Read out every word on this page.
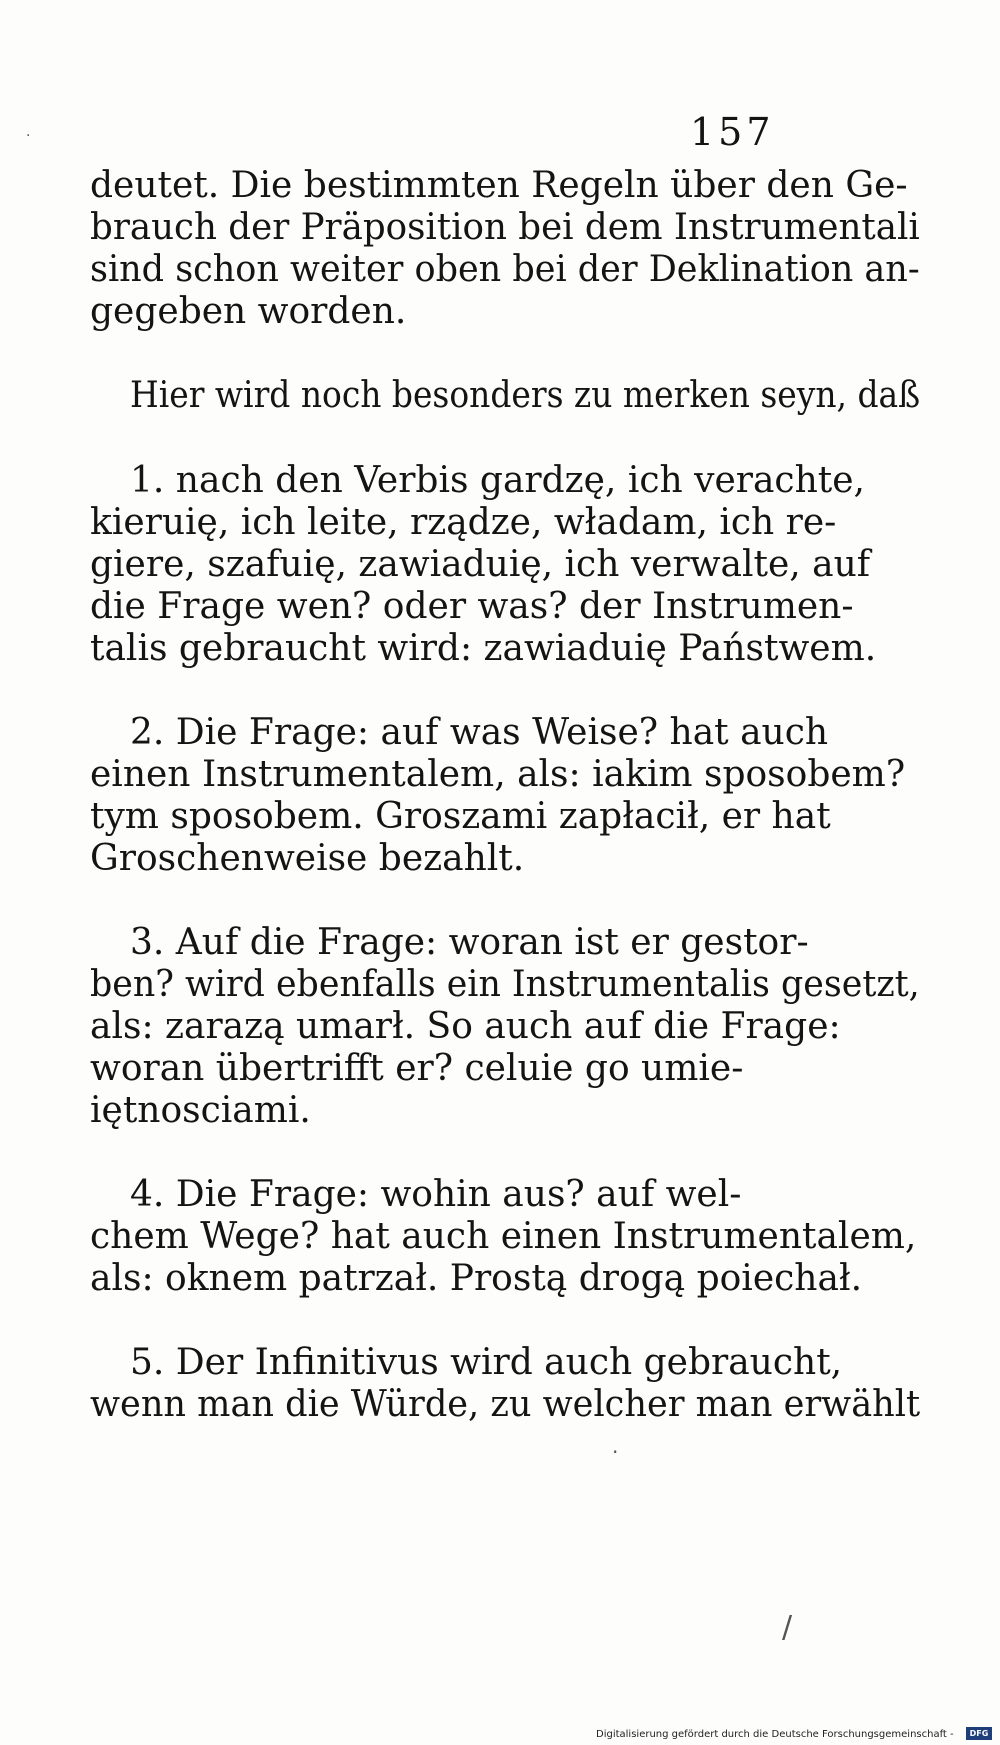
157
deutet. Die bestimmten Regeln über den Ge-
brauch der Präposition bei dem Instrumentali
sind schon weiter oben bei der Deklination an-
gegeben worden.
Hier wird noch besonders zu merken seyn, daß
1. nach den Verbis gardzę, ich verachte,
kieruię, ich leite, rządze, władam, ich re-
giere, szafuię, zawiaduię, ich verwalte, auf
die Frage wen? oder was? der Instrumen-
talis gebraucht wird: zawiaduię Państwem.
2. Die Frage: auf was Weise? hat auch
einen Instrumentalem, als: iakim sposobem?
tym sposobem. Groszami zapłacił, er hat
Groschenweise bezahlt.
3. Auf die Frage: woran ist er gestor-
ben? wird ebenfalls ein Instrumentalis gesetzt,
als: zarazą umarł. So auch auf die Frage:
woran übertrifft er? celuie go umie-
iętnosciami.
4. Die Frage: wohin aus? auf wel-
chem Wege? hat auch einen Instrumentalem,
als: oknem patrzał. Prostą drogą poiechał.
5. Der Infinitivus wird auch gebraucht,
wenn man die Würde, zu welcher man erwählt
·
·
/
Digitalisierung gefördert durch die Deutsche Forschungsgemeinschaft -	DFG
